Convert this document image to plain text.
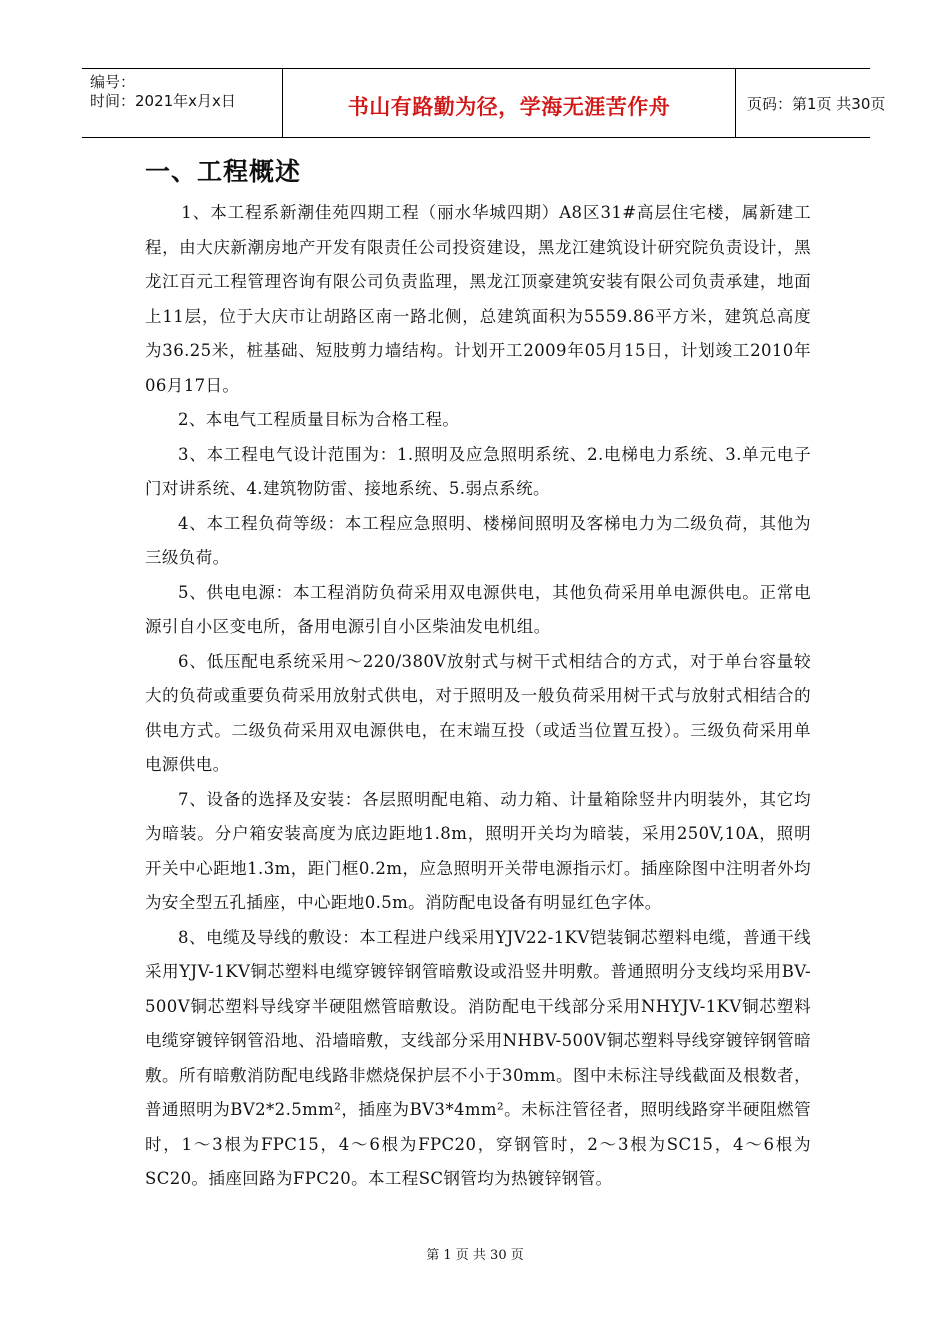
编号：
时间：2021年x月x日	书山有路勤为径，学海无涯苦作舟	页码：第1页 共30页
一、工程概述

1、本工程系新潮佳苑四期工程（丽水华城四期）A8区31#高层住宅楼，属新建工程，由大庆新潮房地产开发有限责任公司投资建设，黑龙江建筑设计研究院负责设计，黑龙江百元工程管理咨询有限公司负责监理，黑龙江顶豪建筑安装有限公司负责承建，地面上11层，位于大庆市让胡路区南一路北侧，总建筑面积为5559.86平方米，建筑总高度为36.25米，桩基础、短肢剪力墙结构。计划开工2009年05月15日，计划竣工2010年06月17日。

2、本电气工程质量目标为合格工程。

3、本工程电气设计范围为：1.照明及应急照明系统、2.电梯电力系统、3.单元电子门对讲系统、4.建筑物防雷、接地系统、5.弱点系统。

4、本工程负荷等级：本工程应急照明、楼梯间照明及客梯电力为二级负荷，其他为三级负荷。

5、供电电源：本工程消防负荷采用双电源供电，其他负荷采用单电源供电。正常电源引自小区变电所，备用电源引自小区柴油发电机组。

6、低压配电系统采用～220/380V放射式与树干式相结合的方式，对于单台容量较大的负荷或重要负荷采用放射式供电，对于照明及一般负荷采用树干式与放射式相结合的供电方式。二级负荷采用双电源供电，在末端互投（或适当位置互投）。三级负荷采用单电源供电。

7、设备的选择及安装：各层照明配电箱、动力箱、计量箱除竖井内明装外，其它均为暗装。分户箱安装高度为底边距地1.8m，照明开关均为暗装，采用250V,10A，照明开关中心距地1.3m，距门框0.2m，应急照明开关带电源指示灯。插座除图中注明者外均为安全型五孔插座，中心距地0.5m。消防配电设备有明显红色字体。

8、电缆及导线的敷设：本工程进户线采用YJV22-1KV铠装铜芯塑料电缆，普通干线采用YJV-1KV铜芯塑料电缆穿镀锌钢管暗敷设或沿竖井明敷。普通照明分支线均采用BV-500V铜芯塑料导线穿半硬阻燃管暗敷设。消防配电干线部分采用NHYJV-1KV铜芯塑料电缆穿镀锌钢管沿地、沿墙暗敷，支线部分采用NHBV-500V铜芯塑料导线穿镀锌钢管暗敷。所有暗敷消防配电线路非燃烧保护层不小于30mm。图中未标注导线截面及根数者，普通照明为BV2*2.5mm²，插座为BV3*4mm²。未标注管径者，照明线路穿半硬阻燃管时，1～3根为FPC15，4～6根为FPC20，穿钢管时，2～3根为SC15，4～6根为SC20。插座回路为FPC20。本工程SC钢管均为热镀锌钢管。

第 1 页 共 30 页
